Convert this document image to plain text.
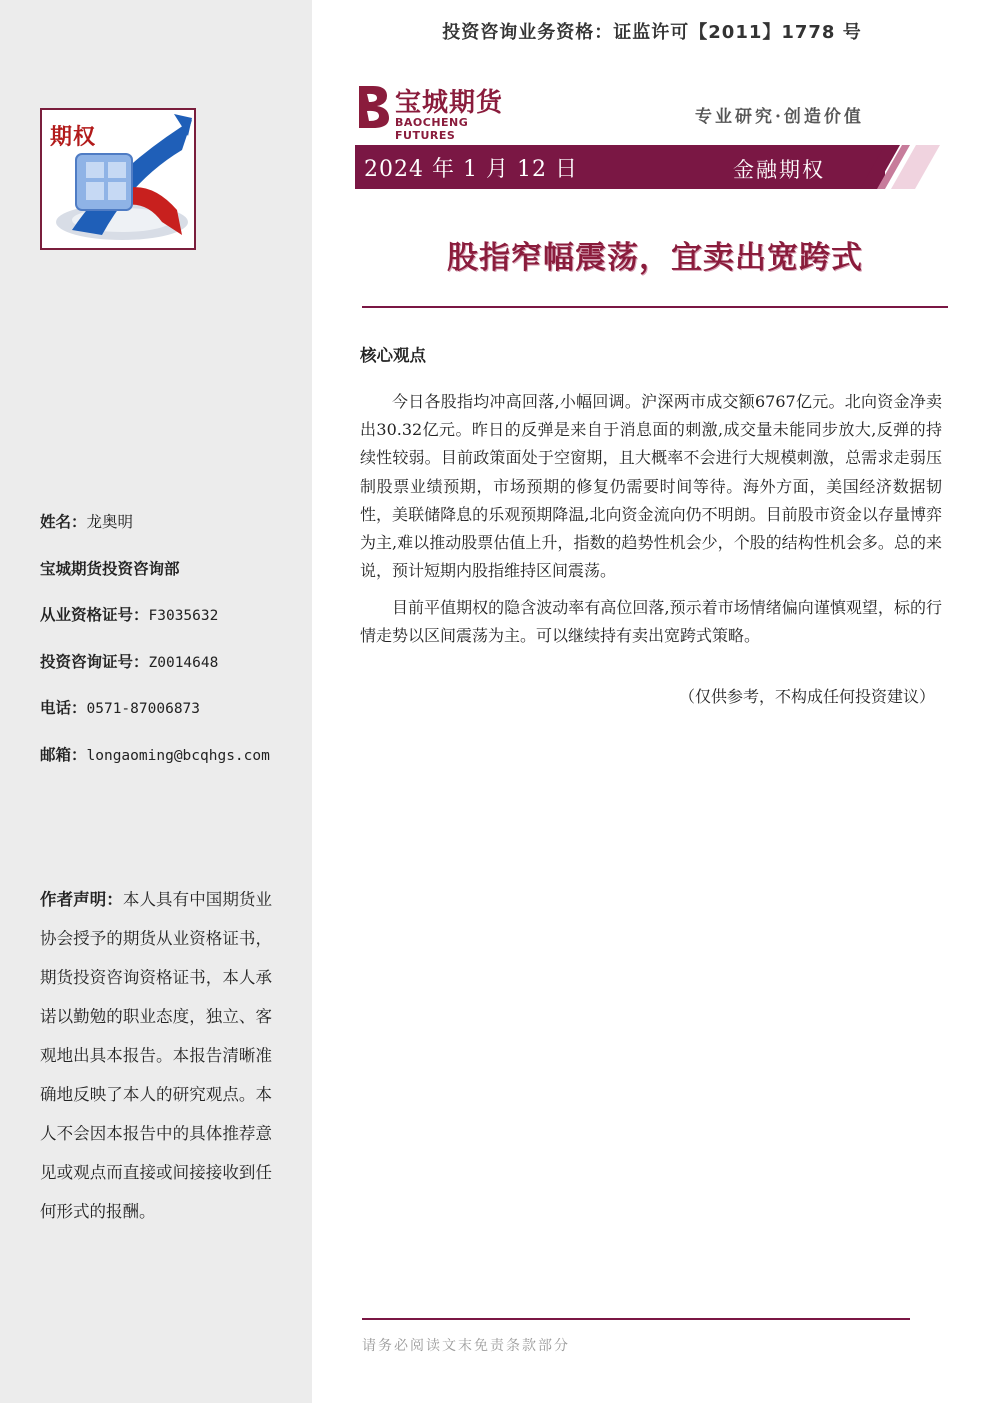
期权
姓名：龙奥明
宝城期货投资咨询部
从业资格证号：F3035632
投资咨询证号：Z0014648
电话：0571-87006873
邮箱：longaoming@bcqhgs.com
作者声明：本人具有中国期货业协会授予的期货从业资格证书，期货投资咨询资格证书，本人承诺以勤勉的职业态度，独立、客观地出具本报告。本报告清晰准确地反映了本人的研究观点。本人不会因本报告中的具体推荐意见或观点而直接或间接接收到任何形式的报酬。
投资咨询业务资格：证监许可【2011】1778 号
宝城期货
BAOCHENG FUTURES
专业研究·创造价值
2024 年 1 月 12 日	金融期权
股指窄幅震荡，宜卖出宽跨式
核心观点
今日各股指均冲高回落,小幅回调。沪深两市成交额6767亿元。北向资金净卖出30.32亿元。昨日的反弹是来自于消息面的刺激,成交量未能同步放大,反弹的持续性较弱。目前政策面处于空窗期，且大概率不会进行大规模刺激，总需求走弱压制股票业绩预期，市场预期的修复仍需要时间等待。海外方面，美国经济数据韧性，美联储降息的乐观预期降温,北向资金流向仍不明朗。目前股市资金以存量博弈为主,难以推动股票估值上升，指数的趋势性机会少，个股的结构性机会多。总的来说，预计短期内股指维持区间震荡。
目前平值期权的隐含波动率有高位回落,预示着市场情绪偏向谨慎观望，标的行情走势以区间震荡为主。可以继续持有卖出宽跨式策略。
（仅供参考，不构成任何投资建议）
请务必阅读文末免责条款部分
